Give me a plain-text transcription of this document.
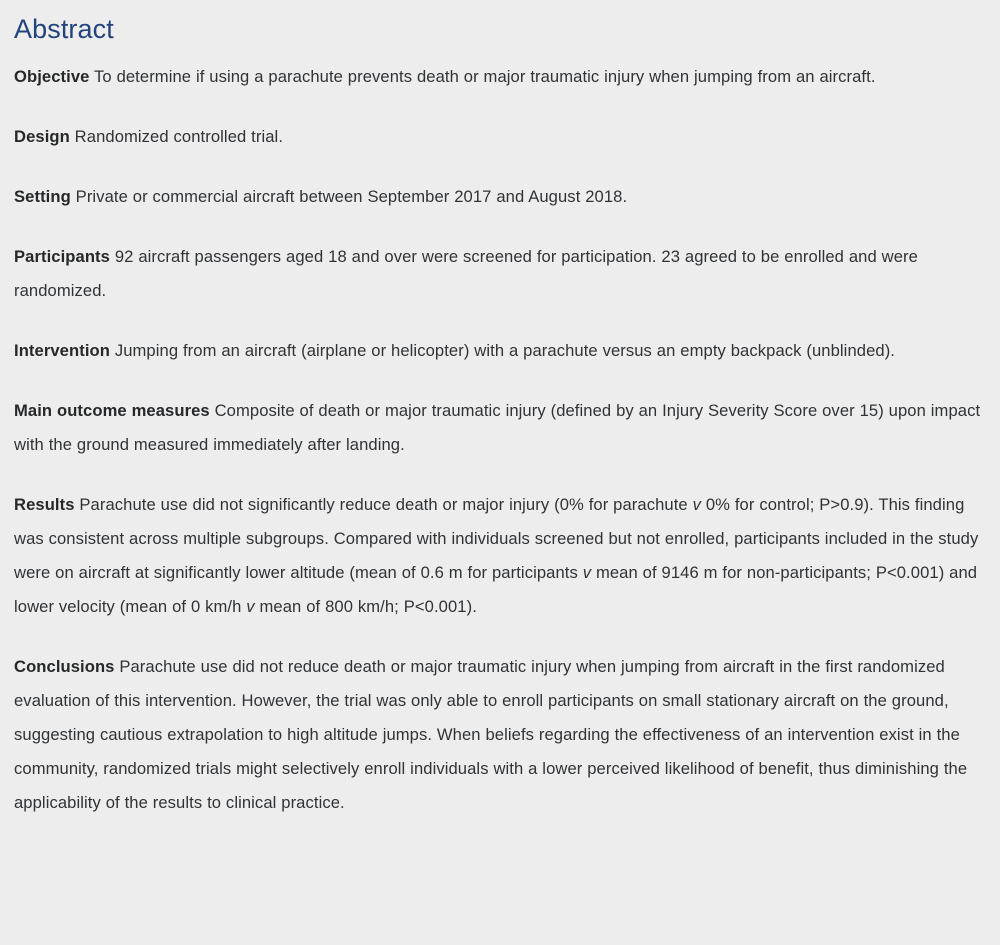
Abstract

Objective To determine if using a parachute prevents death or major traumatic injury when jumping from an aircraft.

Design Randomized controlled trial.

Setting Private or commercial aircraft between September 2017 and August 2018.

Participants 92 aircraft passengers aged 18 and over were screened for participation. 23 agreed to be enrolled and were randomized.

Intervention Jumping from an aircraft (airplane or helicopter) with a parachute versus an empty backpack (unblinded).

Main outcome measures Composite of death or major traumatic injury (defined by an Injury Severity Score over 15) upon impact with the ground measured immediately after landing.

Results Parachute use did not significantly reduce death or major injury (0% for parachute v 0% for control; P>0.9). This finding was consistent across multiple subgroups. Compared with individuals screened but not enrolled, participants included in the study were on aircraft at significantly lower altitude (mean of 0.6 m for participants v mean of 9146 m for non-participants; P<0.001) and lower velocity (mean of 0 km/h v mean of 800 km/h; P<0.001).

Conclusions Parachute use did not reduce death or major traumatic injury when jumping from aircraft in the first randomized evaluation of this intervention. However, the trial was only able to enroll participants on small stationary aircraft on the ground, suggesting cautious extrapolation to high altitude jumps. When beliefs regarding the effectiveness of an intervention exist in the community, randomized trials might selectively enroll individuals with a lower perceived likelihood of benefit, thus diminishing the applicability of the results to clinical practice.
